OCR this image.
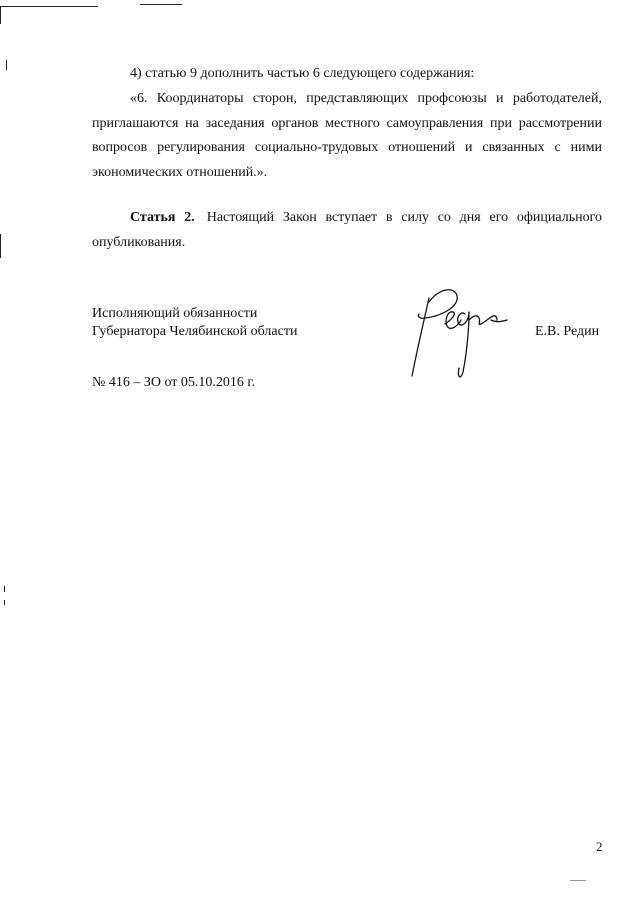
4) статью 9 дополнить частью 6 следующего содержания:

«6. Координаторы сторон, представляющих профсоюзы и работодателей, приглашаются на заседания органов местного самоуправления при рассмотрении вопросов регулирования социально-трудовых отношений и связанных с ними экономических отношений.».

Статья 2. Настоящий Закон вступает в силу со дня его официального опубликования.

Исполняющий обязанности
Губернатора Челябинской области	Е.В. Редин
№ 416 – ЗО от 05.10.2016 г.
2
